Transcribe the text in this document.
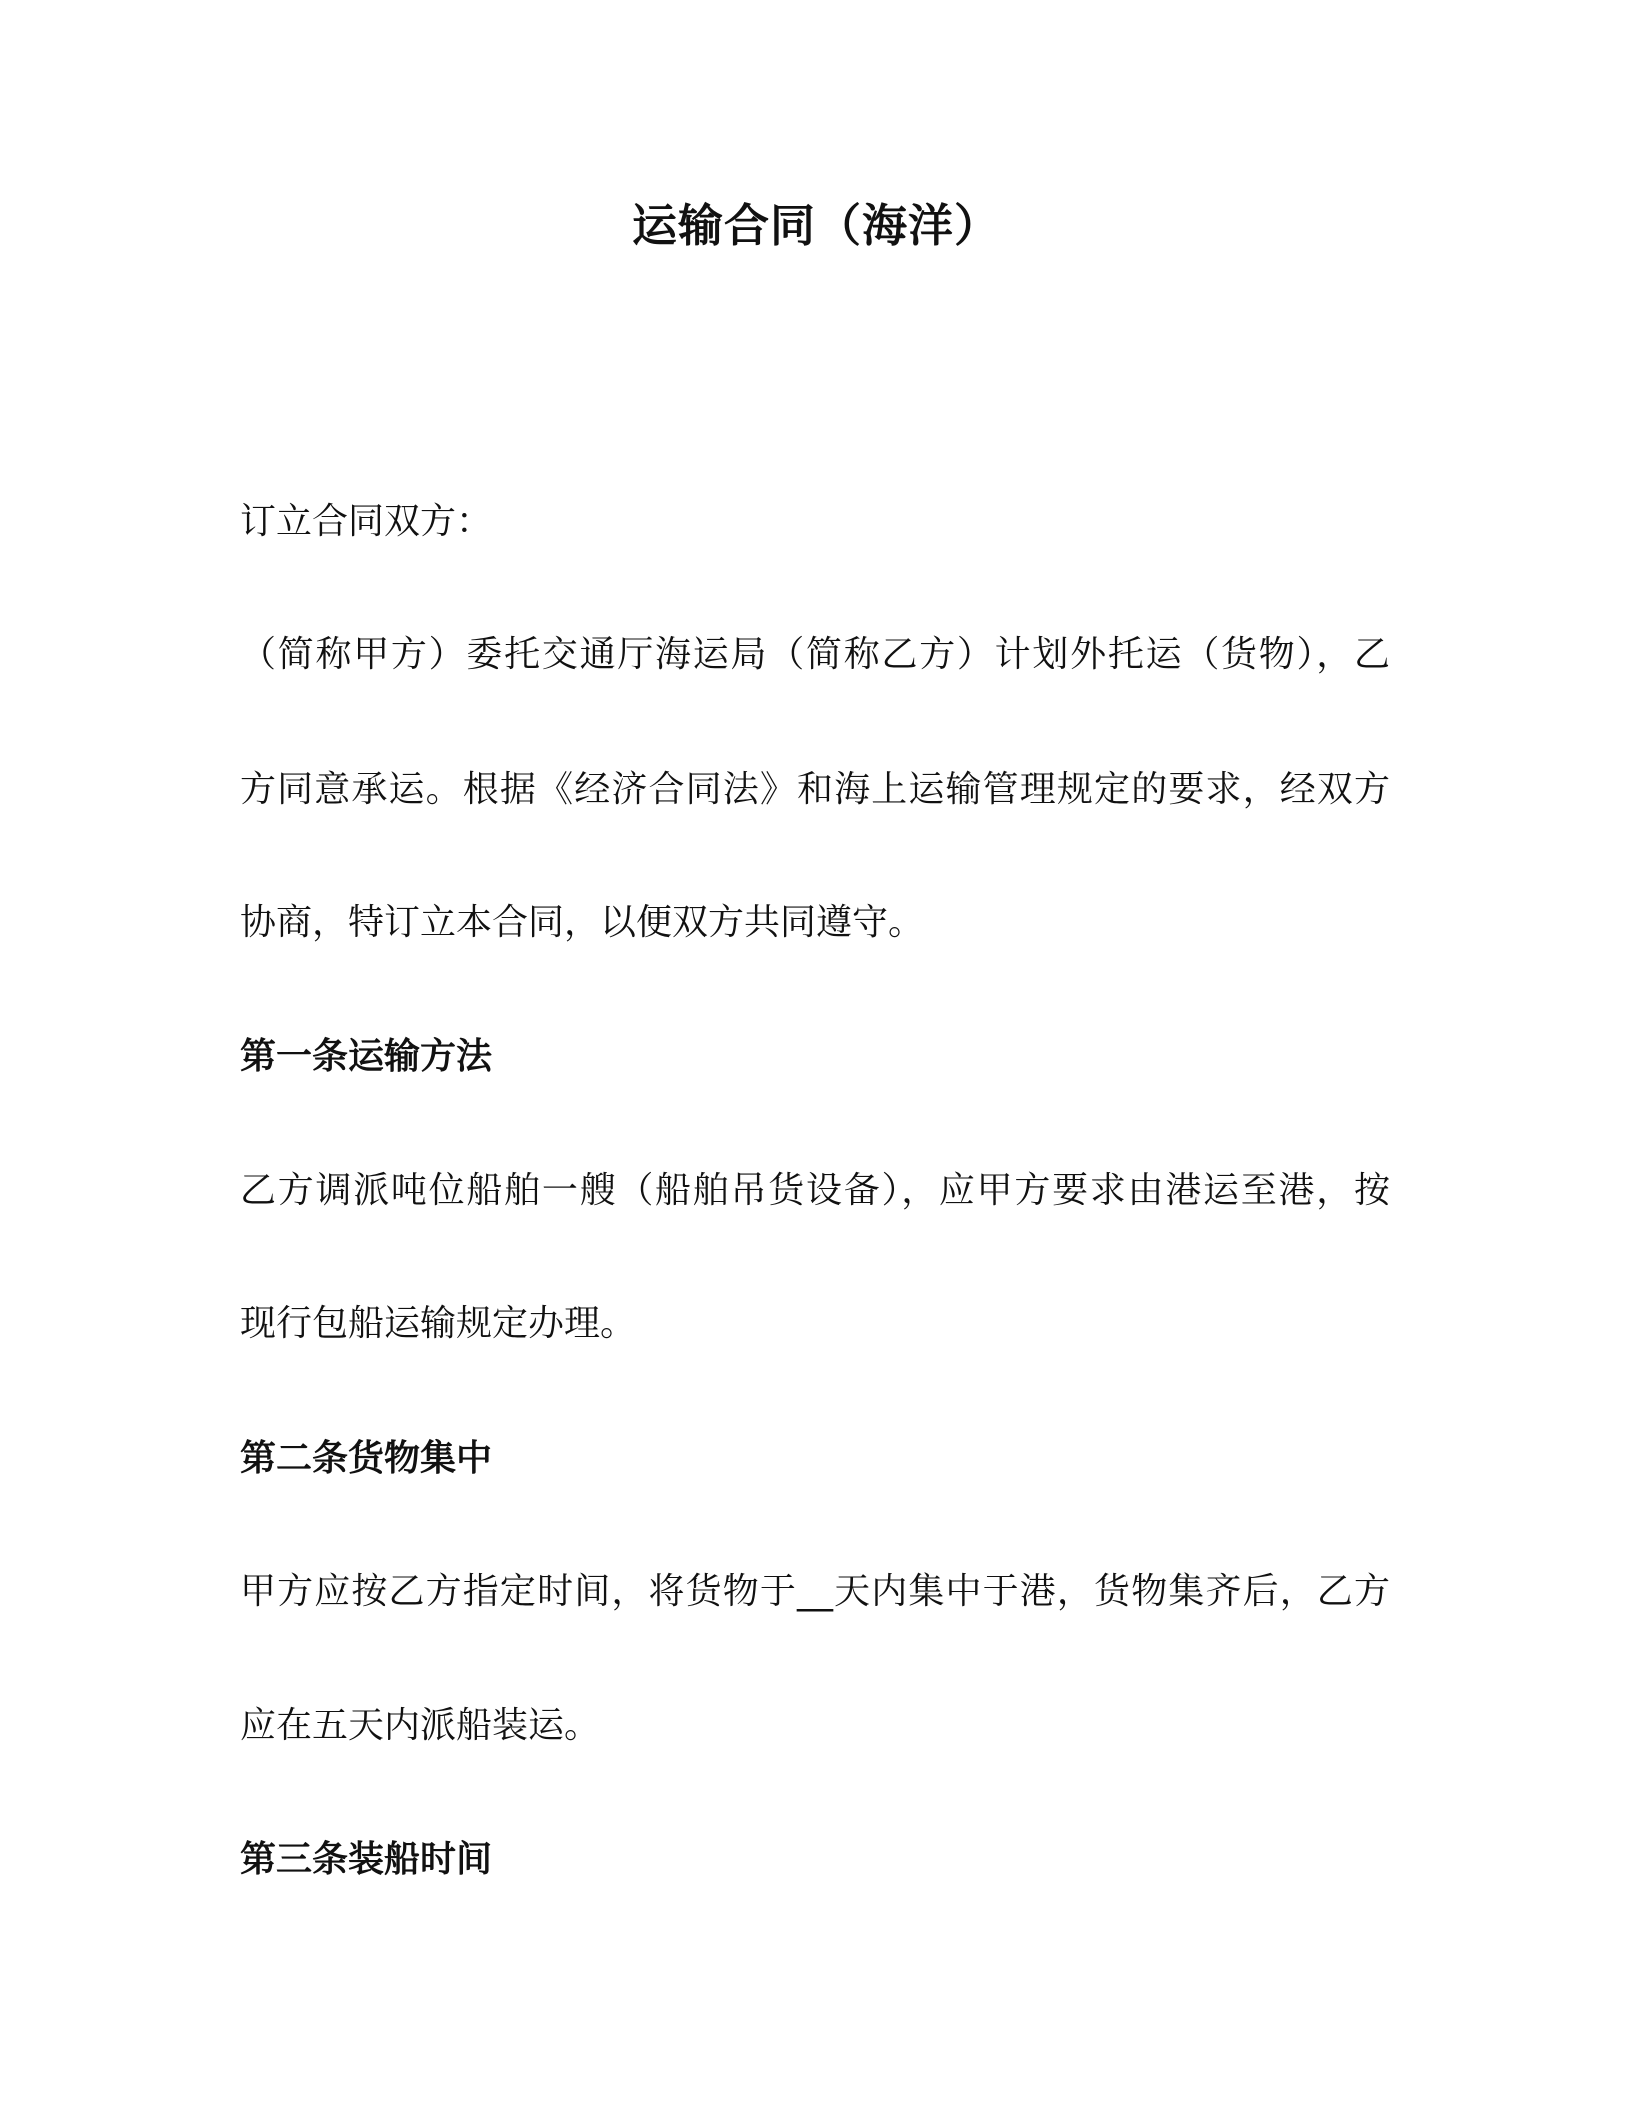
运输合同（海洋）

订立合同双方：

（简称甲方）委托交通厅海运局（简称乙方）计划外托运（货物），乙

方同意承运。根据《经济合同法》和海上运输管理规定的要求，经双方

协商，特订立本合同，以便双方共同遵守。

第一条运输方法

乙方调派吨位船舶一艘（船舶吊货设备），应甲方要求由港运至港，按

现行包船运输规定办理。

第二条货物集中

甲方应按乙方指定时间，将货物于__天内集中于港，货物集齐后，乙方

应在五天内派船装运。

第三条装船时间
